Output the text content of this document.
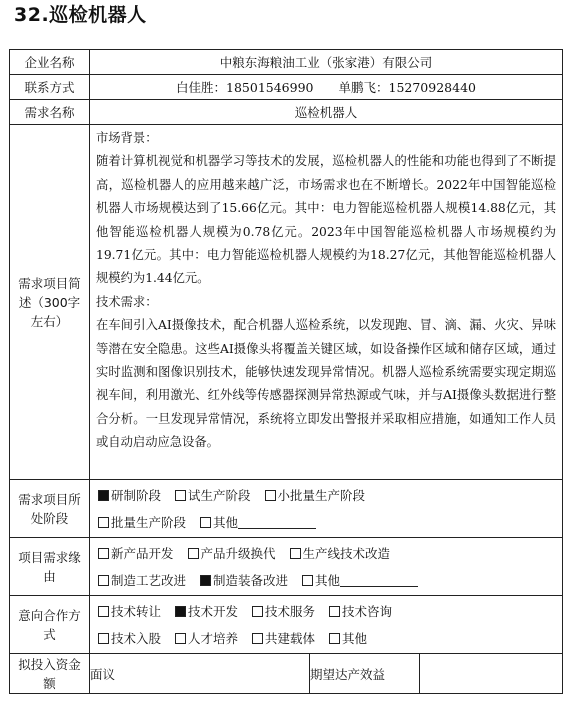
32.巡检机器人
企业名称	中粮东海粮油工业（张家港）有限公司		
联系方式	白佳胜：18501546990　　单鹏飞：15270928440		
需求名称	巡检机器人		
需求项目简述（300字左右）	市场背景：

随着计算机视觉和机器学习等技术的发展，巡检机器人的性能和功能也得到了不断提高，巡检机器人的应用越来越广泛，市场需求也在不断增长。2022年中国智能巡检机器人市场规模达到了15.66亿元。其中：电力智能巡检机器人规模14.88亿元，其他智能巡检机器人规模为0.78亿元。2023年中国智能巡检机器人市场规模约为19.71亿元。其中：电力智能巡检机器人规模约为18.27亿元，其他智能巡检机器人规模约为1.44亿元。

技术需求：

在车间引入AI摄像技术，配合机器人巡检系统，以发现跑、冒、滴、漏、火灾、异味等潜在安全隐患。这些AI摄像头将覆盖关键区域，如设备操作区域和储存区域，通过实时监测和图像识别技术，能够快速发现异常情况。机器人巡检系统需要实现定期巡视车间，利用激光、红外线等传感器探测异常热源或气味，并与AI摄像头数据进行整合分析。一旦发现异常情况，系统将立即发出警报并采取相应措施，如通知工作人员或自动启动应急设备。		

需求项目所处阶段	研制阶段 试生产阶段 小批量生产阶段
批量生产阶段 其他		

项目需求缘由	新产品开发 产品升级换代 生产线技术改造
制造工艺改进 制造装备改进 其他		

意向合作方式	技术转让 技术开发 技术服务 技术咨询
技术入股 人才培养 共建载体 其他		

拟投入资金额	面议	期望达产效益	
